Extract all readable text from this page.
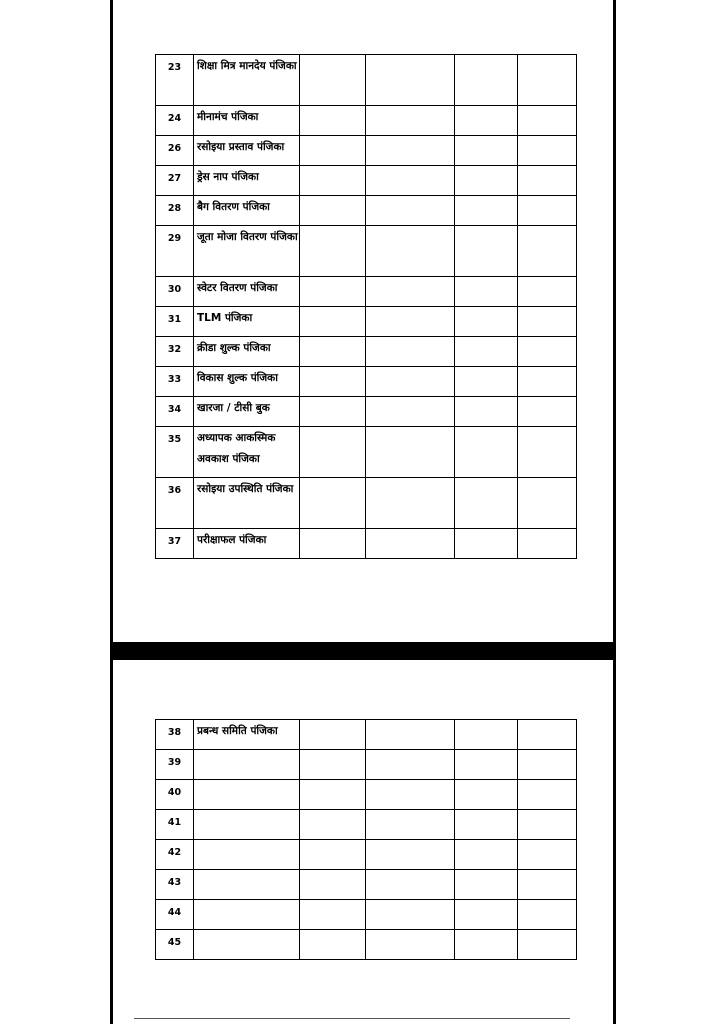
23	शिक्षा मित्र मानदेय पंजिका				
24	मीनामंच पंजिका				
26	रसोइया प्रस्ताव पंजिका				
27	ड्रेस नाप पंजिका				
28	बैग वितरण पंजिका				
29	जूता मोजा वितरण पंजिका				
30	स्वेटर वितरण पंजिका				
31	TLM पंजिका				
32	क्रीडा शुल्क पंजिका				
33	विकास शुल्क पंजिका				
34	खारजा / टीसी बुक				
35	अध्यापक आकस्मिक अवकाश पंजिका				
36	रसोइया उपस्थिति पंजिका				
37	परीक्षाफल पंजिका				
38	प्रबन्ध समिति पंजिका				
39					
40					
41					
42					
43					
44					
45					
